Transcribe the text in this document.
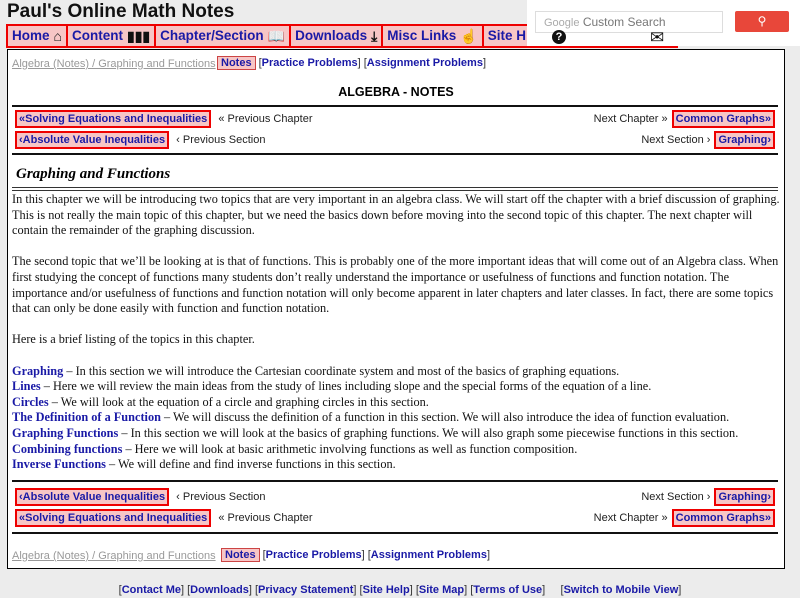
Paul's Online Math Notes
Home ⌂ Content ▮▮▮ Chapter/Section 📖 Downloads ⤓ Misc Links ☝ Site H
Google Custom Search	⚲
?	✉
Algebra (Notes) / Graphing and Functions Notes [Practice Problems] [Assignment Problems]
ALGEBRA - NOTES
«Solving Equations and Inequalities « Previous Chapter	Next Chapter » Common Graphs»
‹Absolute Value Inequalities ‹ Previous Section	Next Section › Graphing›
Graphing and Functions

In this chapter we will be introducing two topics that are very important in an algebra class. We will start off the chapter with a brief discussion of graphing. This is not really the main topic of this chapter, but we need the basics down before moving into the second topic of this chapter. The next chapter will contain the remainder of the graphing discussion.

The second topic that we’ll be looking at is that of functions. This is probably one of the more important ideas that will come out of an Algebra class. When first studying the concept of functions many students don’t really understand the importance or usefulness of functions and function notation. The importance and/or usefulness of functions and function notation will only become apparent in later chapters and later classes. In fact, there are some topics that can only be done easily with function and function notation.

Here is a brief listing of the topics in this chapter.

Graphing – In this section we will introduce the Cartesian coordinate system and most of the basics of graphing equations.
Lines – Here we will review the main ideas from the study of lines including slope and the special forms of the equation of a line.
Circles – We will look at the equation of a circle and graphing circles in this section.
The Definition of a Function – We will discuss the definition of a function in this section. We will also introduce the idea of function evaluation.
Graphing Functions – In this section we will look at the basics of graphing functions. We will also graph some piecewise functions in this section.
Combining functions – Here we will look at basic arithmetic involving functions as well as function composition.
Inverse Functions – We will define and find inverse functions in this section.
‹Absolute Value Inequalities ‹ Previous Section	Next Section › Graphing›
«Solving Equations and Inequalities « Previous Chapter	Next Chapter » Common Graphs»
Algebra (Notes) / Graphing and Functions Notes [Practice Problems] [Assignment Problems]
[Contact Me] [Downloads] [Privacy Statement] [Site Help] [Site Map] [Terms of Use]     [Switch to Mobile View]
